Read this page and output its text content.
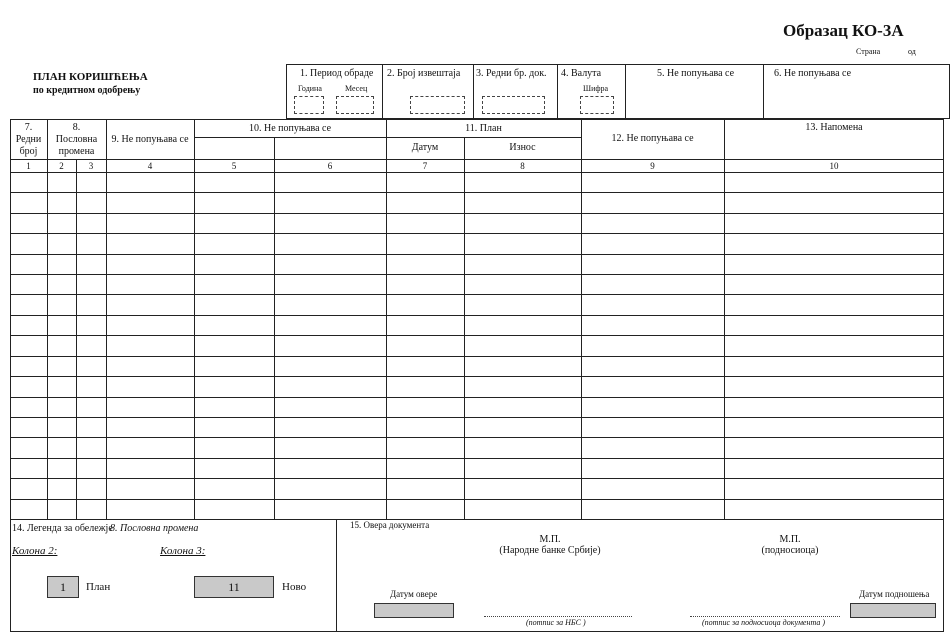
Образац КО-3А
Страна	од
ПЛАН КОРИШЋЕЊА
по кредитном одобрењу
1. Период обраде
Година	Месец
2. Број извештаја 3. Редни бр. док. 4. Валута
Шифра
5. Не попуњава се	6. Не попуњава се
7.
Редни
број
8.
Пословна
промена
9. Не попуњава се
10. Не попуњава се	11. План
Датум	Износ
12. Не попуњава се
13. Напомена
1	2	3	4	5	6	7	8	9	10
14. Легенда за обележје
8. Пословна промена
Колона 2:	Колона 3:
1	План	11	Ново
15. Овера документа
М.П.
(Народне банке Србије)
М.П.
(подносиоца)
Датум овере	Датум подношења
(потпис за НБС )	(потпис за подносиоца документа )
